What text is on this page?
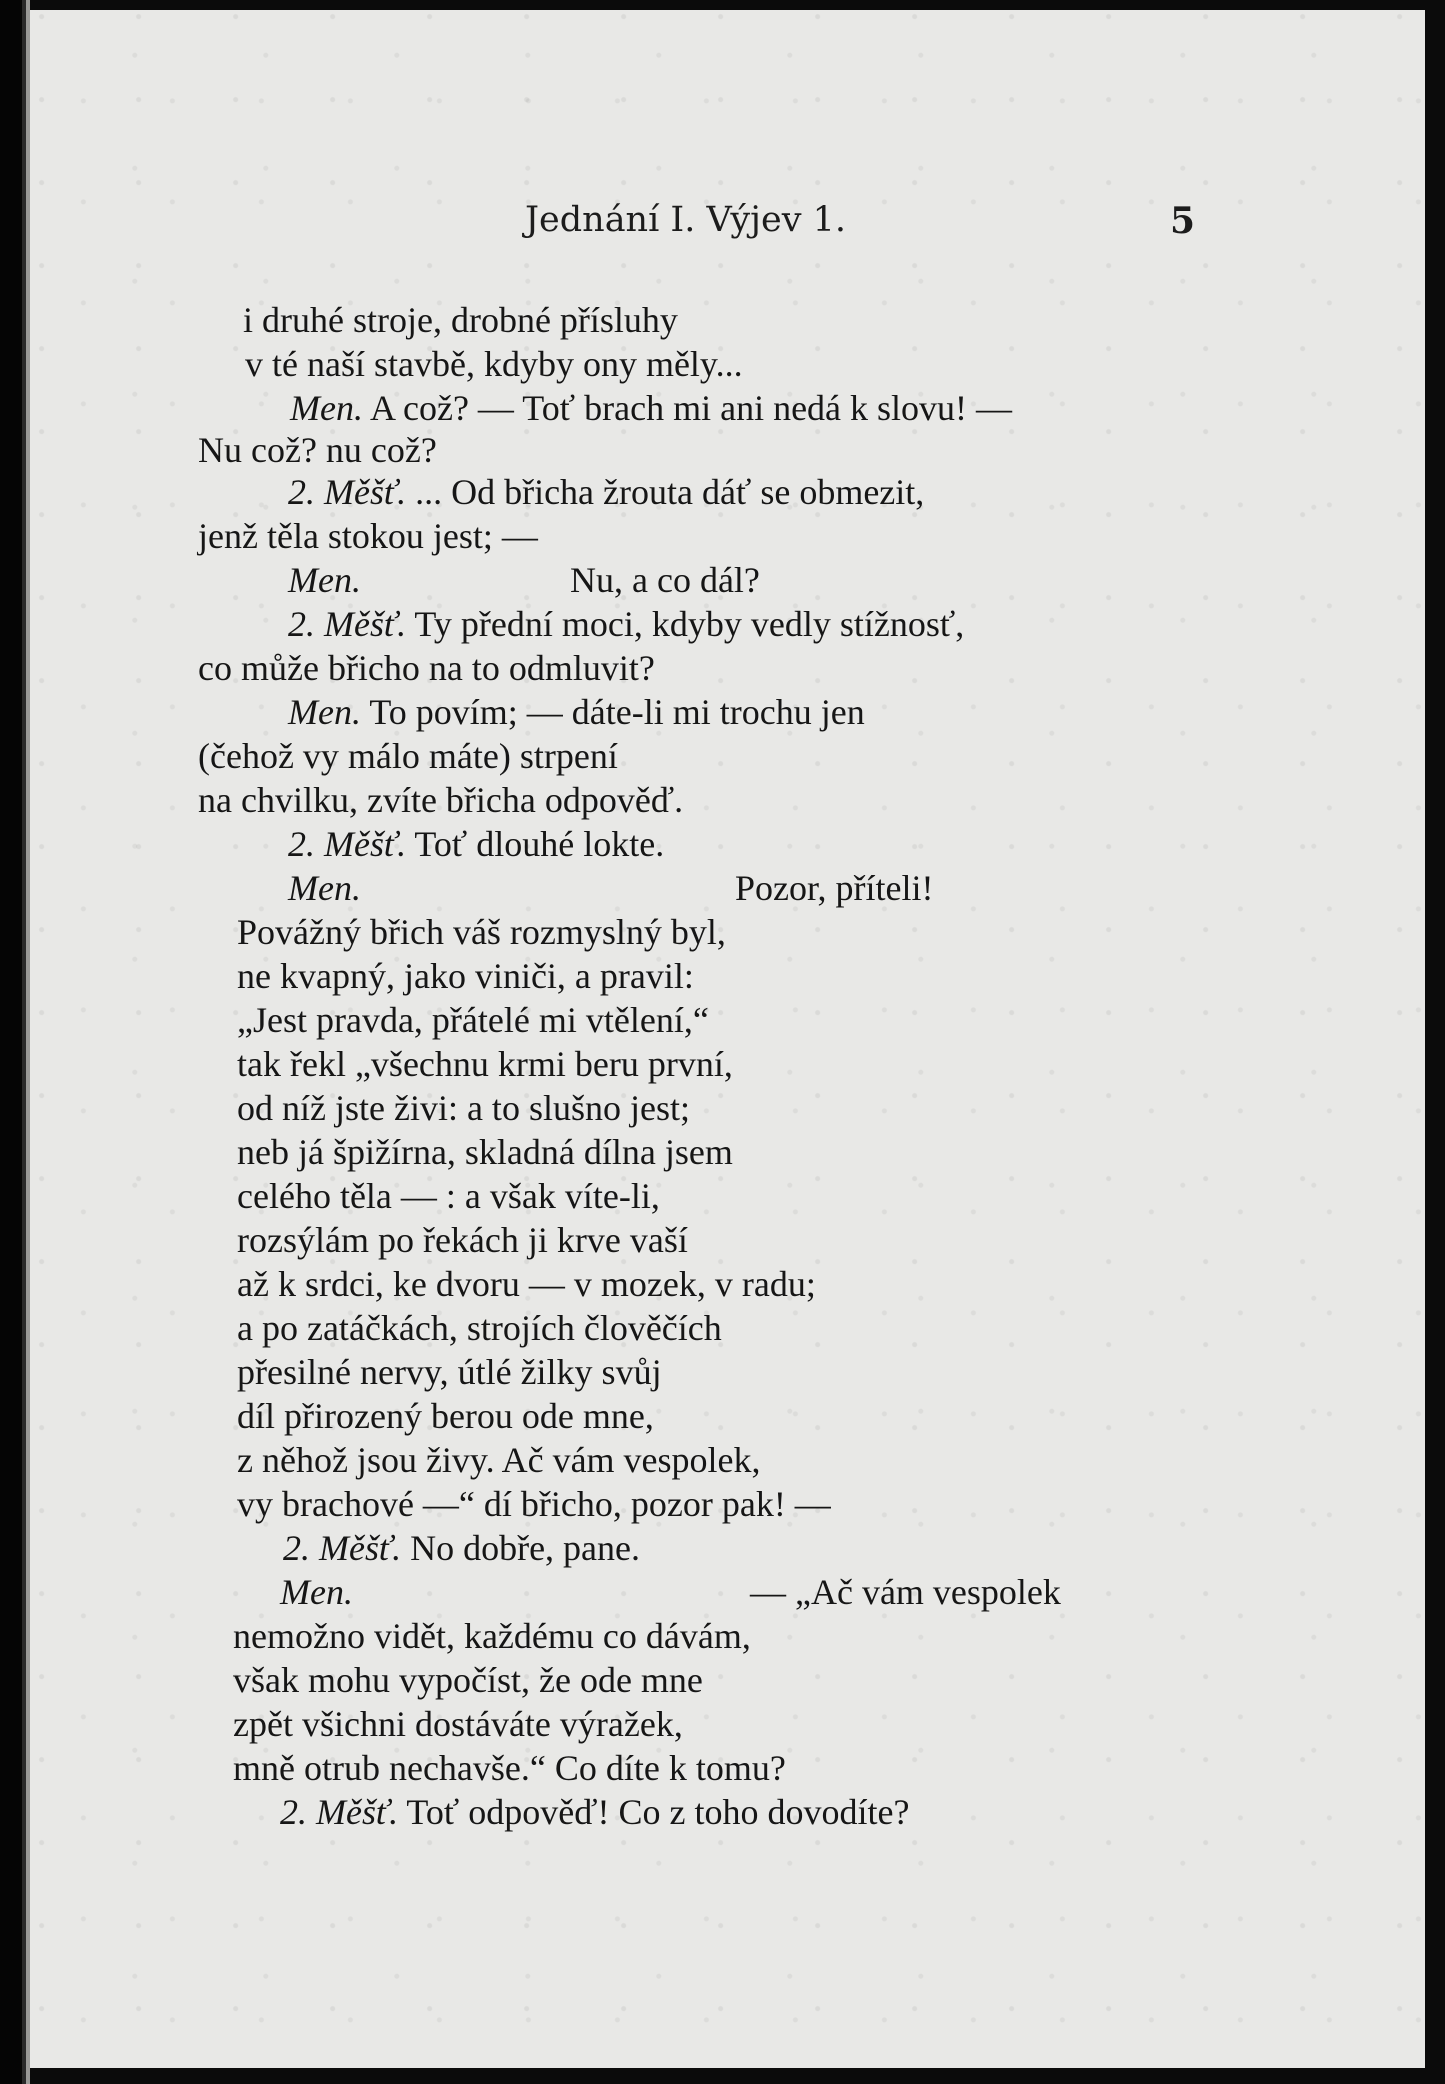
Jednání I. Výjev 1.	5
i druhé stroje, drobné přísluhy
v té naší stavbě, kdyby ony měly...
Men. A což? — Toť brach mi ani nedá k slovu! —
Nu což? nu což?
2. Měšť. ... Od břicha žrouta dáť se obmezit,
jenž těla stokou jest; —
Men.	Nu, a co dál?
2. Měšť. Ty přední moci, kdyby vedly stížnosť,
co může břicho na to odmluvit?
Men. To povím; — dáte-li mi trochu jen
(čehož vy málo máte) strpení
na chvilku, zvíte břicha odpověď.
2. Měšť. Toť dlouhé lokte.
Men.	Pozor, příteli!
Povážný břich váš rozmyslný byl,
ne kvapný, jako viniči, a pravil:
„Jest pravda, přátelé mi vtělení,“
tak řekl „všechnu krmi beru první,
od níž jste živi: a to slušno jest;
neb já špižírna, skladná dílna jsem
celého těla — : a však víte-li,
rozsýlám po řekách ji krve vaší
až k srdci, ke dvoru — v mozek, v radu;
a po zatáčkách, strojích člověčích
přesilné nervy, útlé žilky svůj
díl přirozený berou ode mne,
z něhož jsou živy. Ač vám vespolek,
vy brachové —“ dí břicho, pozor pak! —
2. Měšť. No dobře, pane.
Men.	— „Ač vám vespolek
nemožno vidět, každému co dávám,
však mohu vypočíst, že ode mne
zpět všichni dostáváte výražek,
mně otrub nechavše.“ Co díte k tomu?
2. Měšť. Toť odpověď! Co z toho dovodíte?
